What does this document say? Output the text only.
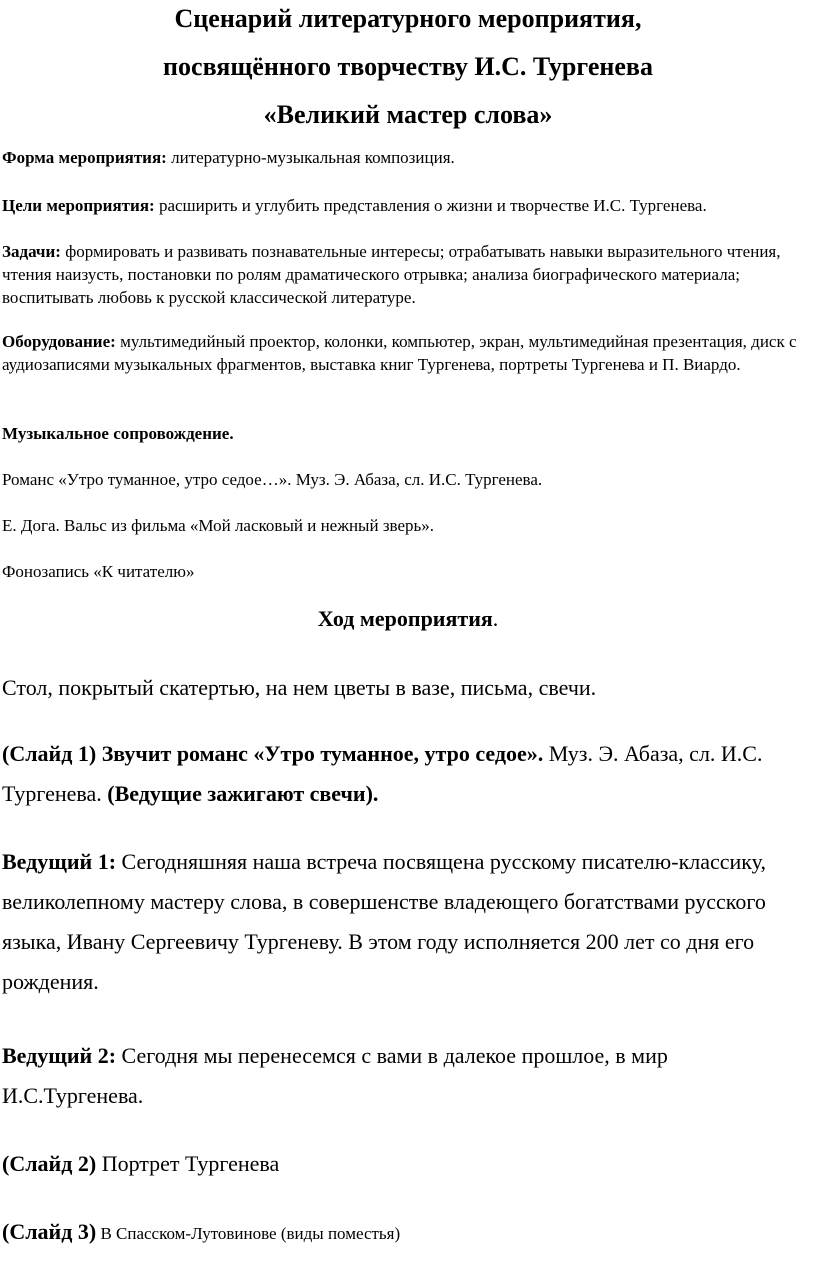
Сценарий литературного мероприятия,
посвящённого творчеству И.С. Тургенева
«Великий мастер слова»
Форма мероприятия: литературно-музыкальная композиция.
Цели мероприятия: расширить и углубить представления о жизни и творчестве И.С. Тургенева.
Задачи: формировать и развивать познавательные интересы; отрабатывать навыки выразительного чтения, чтения наизусть, постановки по ролям драматического отрывка; анализа биографического материала; воспитывать любовь к русской классической литературе.
Оборудование: мультимедийный проектор, колонки, компьютер, экран, мультимедийная презентация, диск с аудиозаписями музыкальных фрагментов, выставка книг Тургенева, портреты Тургенева и П. Виардо.
Музыкальное сопровождение.
Романс «Утро туманное, утро седое…». Муз. Э. Абаза, сл. И.С. Тургенева.
Е. Дога. Вальс из фильма «Мой ласковый и нежный зверь».
Фонозапись «К читателю»
Ход мероприятия.
Стол, покрытый скатертью, на нем цветы в вазе, письма, свечи.
(Слайд 1) Звучит романс «Утро туманное, утро седое». Муз. Э. Абаза, сл. И.С. Тургенева. (Ведущие зажигают свечи).
Ведущий 1: Сегодняшняя наша встреча посвящена русскому писателю-классику, великолепному мастеру слова, в совершенстве владеющего богатствами русского языка, Ивану Сергеевичу Тургеневу. В этом году исполняется 200 лет со дня его рождения.
Ведущий 2: Сегодня мы перенесемся с вами в далекое прошлое, в мир И.С.Тургенева.
(Слайд 2) Портрет Тургенева
(Слайд 3) В Спасском-Лутовинове (виды поместья)
